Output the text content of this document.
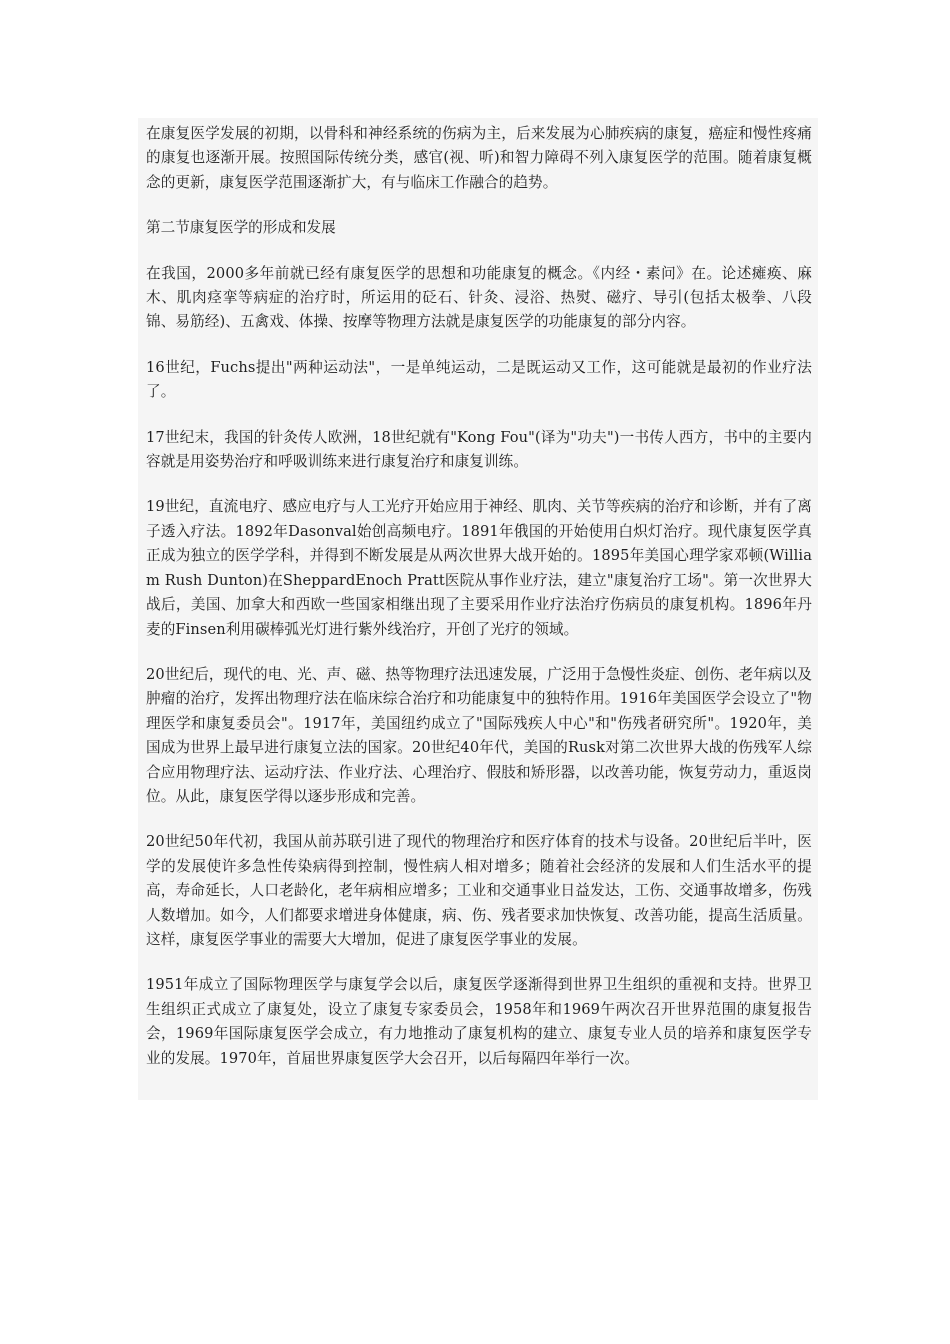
在康复医学发展的初期，以骨科和神经系统的伤病为主，后来发展为心肺疾病的康复，癌症和慢性疼痛的康复也逐渐开展。按照国际传统分类，感官(视、听)和智力障碍不列入康复医学的范围。随着康复概念的更新，康复医学范围逐渐扩大，有与临床工作融合的趋势。

第二节康复医学的形成和发展

在我国，2000多年前就已经有康复医学的思想和功能康复的概念。《内经・素问》在。论述瘫痪、麻木、肌肉痉挛等病症的治疗时，所运用的砭石、针灸、浸浴、热熨、磁疗、导引(包括太极拳、八段锦、易筋经)、五禽戏、体操、按摩等物理方法就是康复医学的功能康复的部分内容。

16世纪，Fuchs提出"两种运动法"，一是单纯运动，二是既运动又工作，这可能就是最初的作业疗法了。

17世纪末，我国的针灸传人欧洲，18世纪就有"Kong Fou"(译为"功夫")一书传人西方，书中的主要内容就是用姿势治疗和呼吸训练来进行康复治疗和康复训练。

19世纪，直流电疗、感应电疗与人工光疗开始应用于神经、肌肉、关节等疾病的治疗和诊断，并有了离子透入疗法。1892年Dasonval始创高频电疗。1891年俄国的开始使用白炽灯治疗。现代康复医学真正成为独立的医学学科，并得到不断发展是从两次世界大战开始的。1895年美国心理学家邓顿(William Rush Dunton)在SheppardEnoch Pratt医院从事作业疗法，建立"康复治疗工场"。第一次世界大战后，美国、加拿大和西欧一些国家相继出现了主要采用作业疗法治疗伤病员的康复机构。1896年丹麦的Finsen利用碳棒弧光灯进行紫外线治疗，开创了光疗的领域。

20世纪后，现代的电、光、声、磁、热等物理疗法迅速发展，广泛用于急慢性炎症、创伤、老年病以及肿瘤的治疗，发挥出物理疗法在临床综合治疗和功能康复中的独特作用。1916年美国医学会设立了"物理医学和康复委员会"。1917年，美国纽约成立了"国际残疾人中心"和"伤残者研究所"。1920年，美国成为世界上最早进行康复立法的国家。20世纪40年代，美国的Rusk对第二次世界大战的伤残军人综合应用物理疗法、运动疗法、作业疗法、心理治疗、假肢和矫形器，以改善功能，恢复劳动力，重返岗位。从此，康复医学得以逐步形成和完善。

20世纪50年代初，我国从前苏联引进了现代的物理治疗和医疗体育的技术与设备。20世纪后半叶，医学的发展使许多急性传染病得到控制，慢性病人相对增多；随着社会经济的发展和人们生活水平的提高，寿命延长，人口老龄化，老年病相应增多；工业和交通事业日益发达，工伤、交通事故增多，伤残人数增加。如今，人们都要求增进身体健康，病、伤、残者要求加快恢复、改善功能，提高生活质量。这样，康复医学事业的需要大大增加，促进了康复医学事业的发展。

1951年成立了国际物理医学与康复学会以后，康复医学逐渐得到世界卫生组织的重视和支持。世界卫生组织正式成立了康复处，设立了康复专家委员会，1958年和1969午两次召开世界范围的康复报告会，1969年国际康复医学会成立，有力地推动了康复机构的建立、康复专业人员的培养和康复医学专业的发展。1970年，首届世界康复医学大会召开，以后每隔四年举行一次。
